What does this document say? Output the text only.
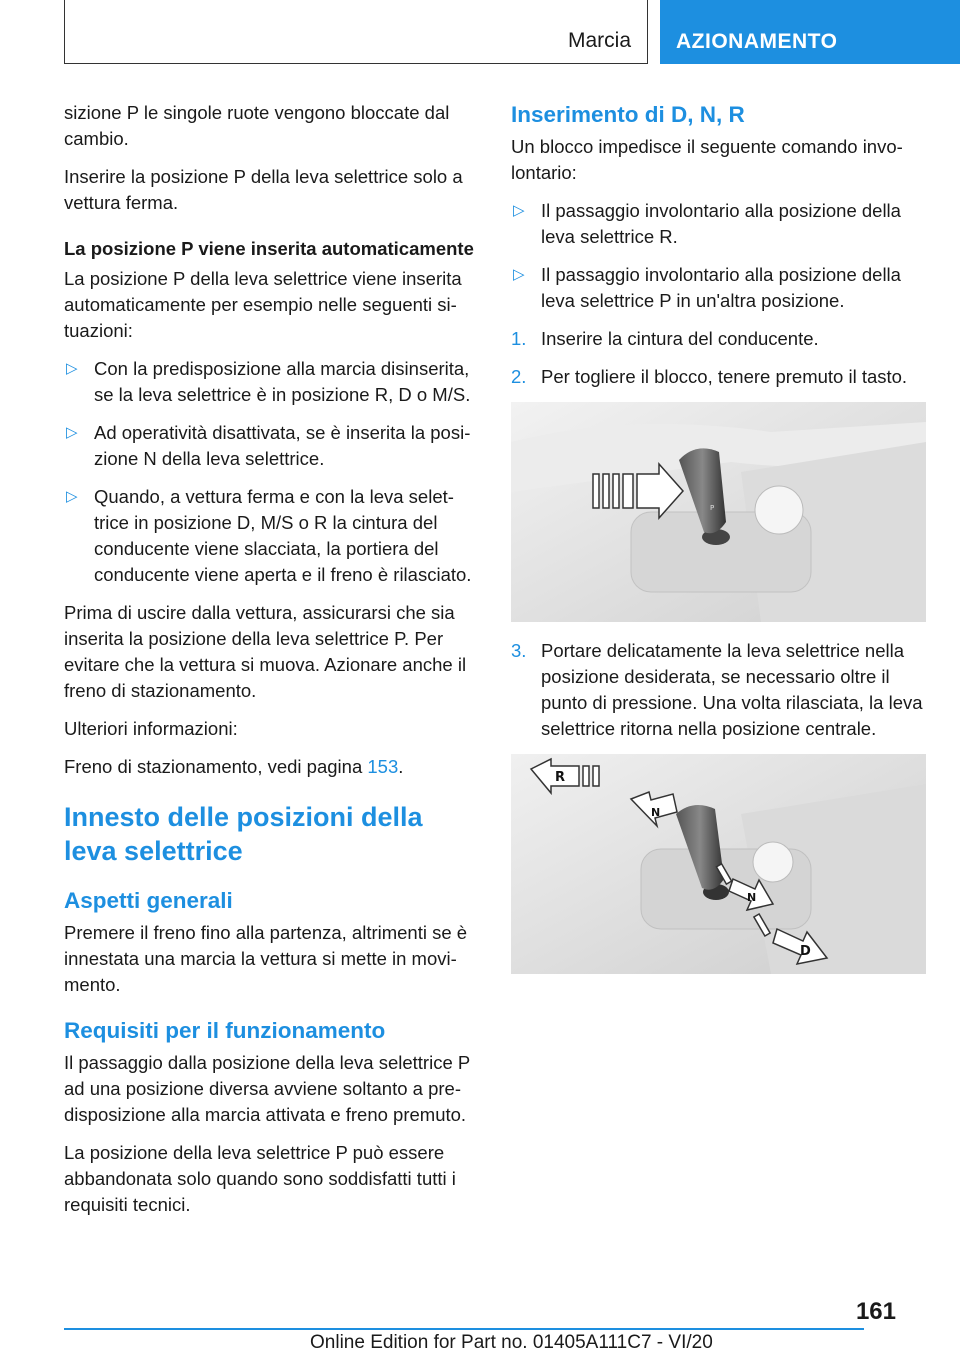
Marcia AZIONAMENTO

sizione P le singole ruote vengono bloccate dal cambio.

Inserire la posizione P della leva selettrice solo a vettura ferma.

La posizione P viene inserita automaticamente

La posizione P della leva selettrice viene inserita automaticamente per esempio nelle seguenti situazioni:

▷ Con la predisposizione alla marcia disinserita, se la leva selettrice è in posizione R, D o M/S.
▷ Ad operatività disattivata, se è inserita la posizione N della leva selettrice.
▷ Quando, a vettura ferma e con la leva selettrice in posizione D, M/S o R la cintura del conducente viene slacciata, la portiera del conducente viene aperta e il freno è rilasciato.

Prima di uscire dalla vettura, assicurarsi che sia inserita la posizione della leva selettrice P. Per evitare che la vettura si muova. Azionare anche il freno di stazionamento.

Ulteriori informazioni:

Freno di stazionamento, vedi pagina 153.

Innesto delle posizioni della leva selettrice
Aspetti generali

Premere il freno fino alla partenza, altrimenti se è innestata una marcia la vettura si mette in movimento.

Requisiti per il funzionamento

Il passaggio dalla posizione della leva selettrice P ad una posizione diversa avviene soltanto a predisposizione alla marcia attivata e freno premuto.

La posizione della leva selettrice P può essere abbandonata solo quando sono soddisfatti tutti i requisiti tecnici.

Inserimento di D, N, R

Un blocco impedisce il seguente comando involontario:

▷ Il passaggio involontario alla posizione della leva selettrice R.
▷ Il passaggio involontario alla posizione della leva selettrice P in un'altra posizione.
1. Inserire la cintura del conducente.
2. Per togliere il blocco, tenere premuto il tasto.
P
3. Portare delicatamente la leva selettrice nella posizione desiderata, se necessario oltre il punto di pressione. Una volta rilasciata, la leva selettrice ritorna nella posizione centrale.
R
N
N
D
161
Online Edition for Part no. 01405A111C7 - VI/20
